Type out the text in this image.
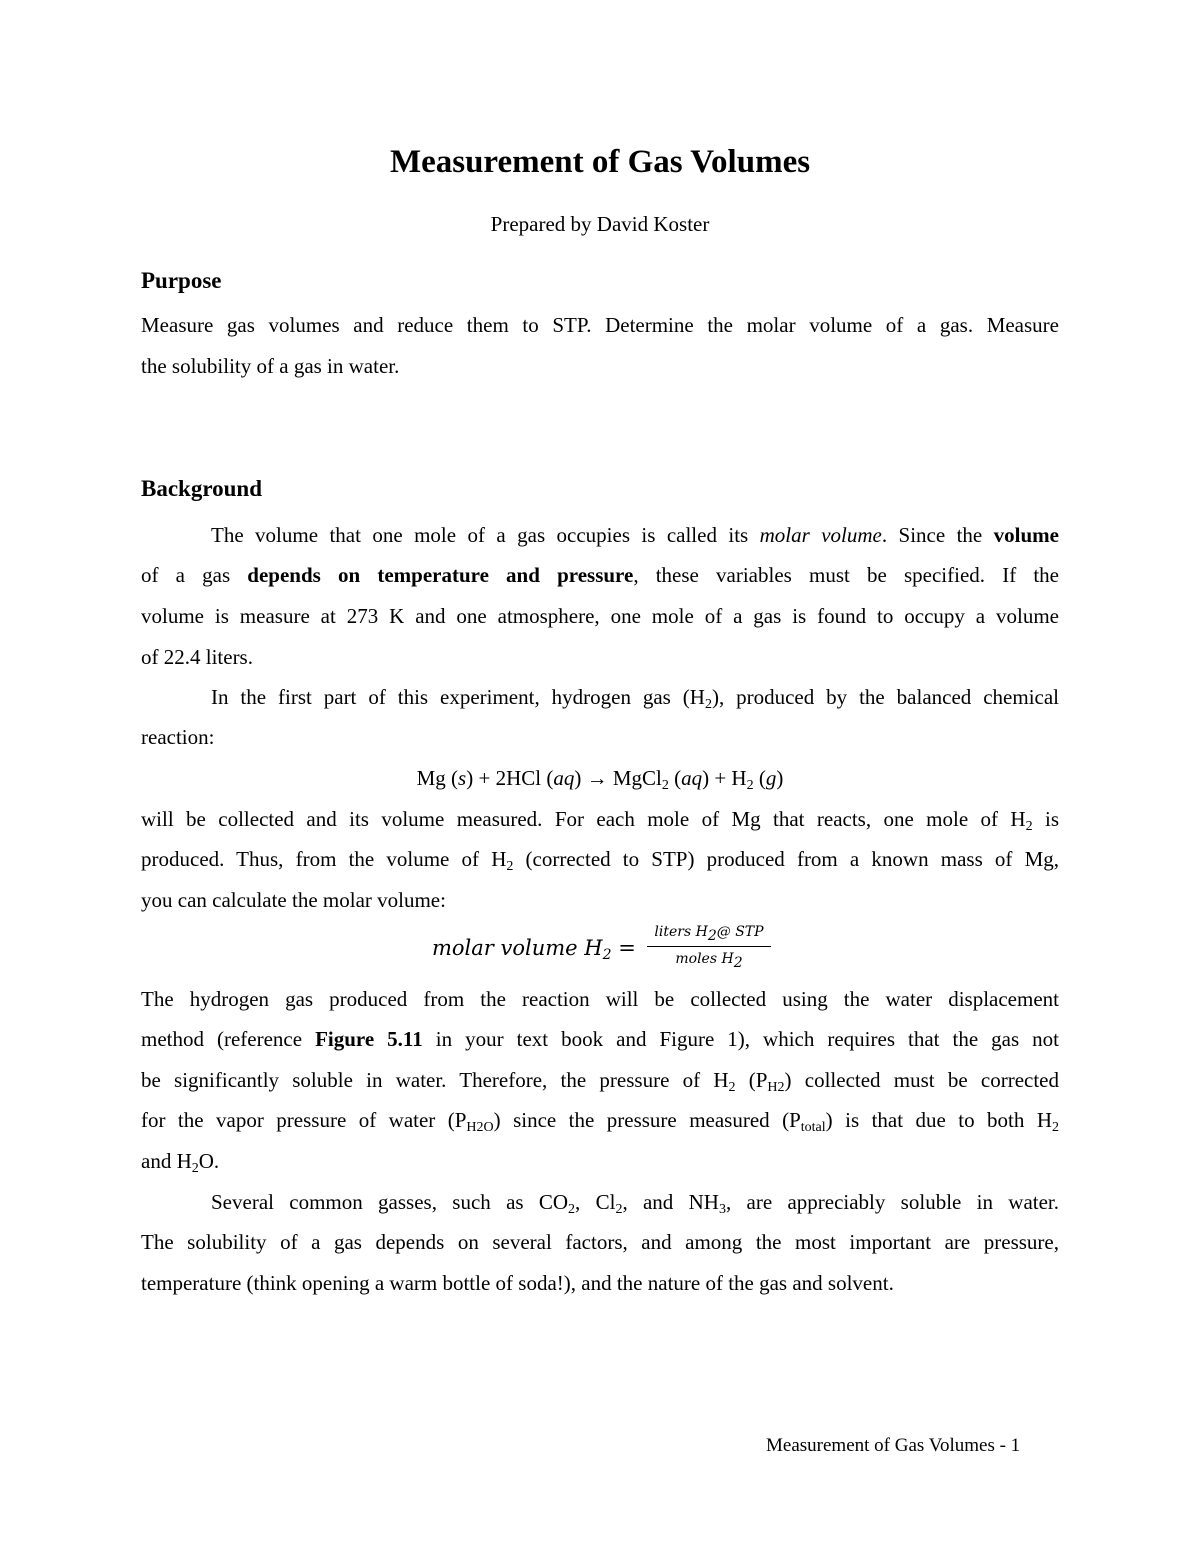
Measurement of Gas Volumes
Prepared by David Koster
Purpose
Measure gas volumes and reduce them to STP. Determine the molar volume of a gas. Measure
the solubility of a gas in water.
Background
The volume that one mole of a gas occupies is called its molar volume. Since the volume
of a gas depends on temperature and pressure, these variables must be specified. If the
volume is measure at 273 K and one atmosphere, one mole of a gas is found to occupy a volume
of 22.4 liters.
In the first part of this experiment, hydrogen gas $(H_2)$, produced by the balanced chemical
reaction:
Mg (s) + 2HCl (aq) → MgCl$_2$ $(aq) + H_2$ (g)
will be collected and its volume measured. For each mole of Mg that reacts, one mole of $H_2$ is
produced. Thus, from the volume of $H_2$ (corrected to STP) produced from a known mass of Mg,
you can calculate the molar volume:
molar volume $H_2$ =
liters $H_2@$ STP
moles $H_2$
The hydrogen gas produced from the reaction will be collected using the water displacement
method (reference Figure 5.11 in your text book and Figure 1), which requires that the gas not
be significantly soluble in water. Therefore, the pressure of $H_2$ (PH2) collected must be corrected
for the vapor pressure of water (PH2O) since the pressure measured (Ptotal) is that due to both $H_2$
and $H_2O$.
Several common gasses, such as $CO_2$, $Cl_2$, and $NH_3$, are appreciably soluble in water.
The solubility of a gas depends on several factors, and among the most important are pressure,
temperature (think opening a warm bottle of soda!), and the nature of the gas and solvent.
Measurement of Gas Volumes - 1
